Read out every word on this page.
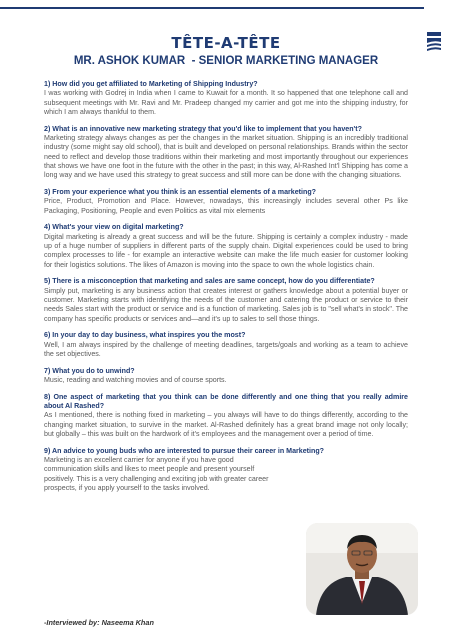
TÊTE-A-TÊTE
MR. ASHOK KUMAR  - SENIOR MARKETING MANAGER
1) How did you get affiliated to Marketing of Shipping Industry?
I was working with Godrej in India when I came to Kuwait for a month. It so happened that one telephone call and subsequent meetings with Mr. Ravi and Mr. Pradeep changed my carrier and got me into the shipping industry, for which I am always thankful to them.
2) What is an innovative new marketing strategy that you'd like to implement that you haven't?
Marketing strategy always changes as per the changes in the market situation. Shipping is an incredibly traditional industry (some might say old school), that is built and developed on personal relationships. Brands within the sector need to reflect and develop those traditions within their marketing and most importantly throughout our experiences that shows we have one foot in the future with the other in the past; in this way, Al-Rashed Int'l Shipping has come a long way and we have used this strategy to great success and still more can be done with the changing situations.
3) From your experience what you think is an essential elements of a marketing?
Price, Product, Promotion and Place. However, nowadays, this increasingly includes several other Ps like Packaging, Positioning, People and even Politics as vital mix elements
4) What's your view on digital marketing?
Digital marketing is already a great success and will be the future. Shipping is certainly a complex industry - made up of a huge number of suppliers in different parts of the supply chain. Digital experiences could be used to bring complex processes to life - for example an interactive website can make the life much easier for customer looking for their logistics solutions. The likes of Amazon is moving into the space to own the whole logistics chain.
5) There is a misconception that marketing and sales are same concept, how do you differentiate?
Simply put, marketing is any business action that creates interest or gathers knowledge about a potential buyer or customer. Marketing starts with identifying the needs of the customer and catering the product or service to their needs Sales start with the product or service and is a function of marketing. Sales job is to "sell what's in stock". The company has specific products or services and—and it's up to sales to sell those things.
6) In your day to day business, what inspires you the most?
Well, I am always inspired by the challenge of meeting deadlines, targets/goals and working as a team to achieve the set objectives.
7) What you do to unwind?
Music, reading and watching movies and of course sports.
8) One aspect of marketing that you think can be done differently and one thing that you really admire about Al Rashed?
As I mentioned, there is nothing fixed in marketing – you always will have to do things differently, according to the changing market situation, to survive in the market. Al-Rashed definitely has a great brand image not only locally; but globally – this was built on the hardwork of it's employees and the management over a period of time.
9) An advice to young buds who are interested to pursue their career in Marketing?
Marketing is an excellent carrier for anyone if you have good communication skills and likes to meet people and present yourself positively. This is a very challenging and exciting job with greater career prospects, if you apply yourself to the tasks involved.
-Interviewed by: Naseema Khan
